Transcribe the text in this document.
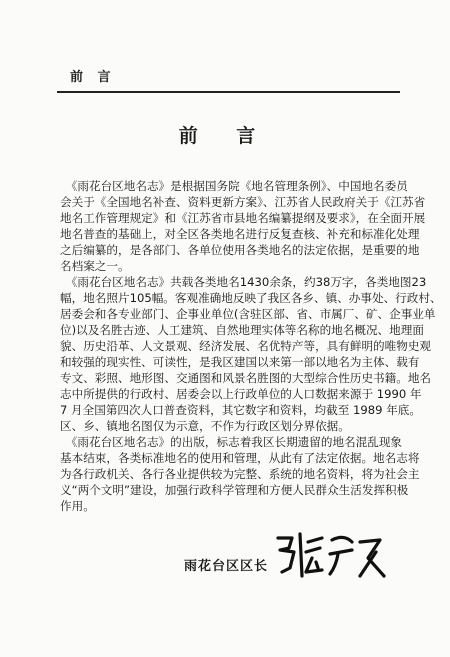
前 言
前 言
　《雨花台区地名志》是根据国务院《地名管理条例》、中国地名委员
会关于《全国地名补查、资料更新方案》、江苏省人民政府关于《江苏省
地名工作管理规定》和《江苏省市县地名编纂提纲及要求》，在全面开展
地名普查的基础上，对全区各类地名进行反复查核、补充和标准化处理
之后编纂的，是各部门、各单位使用各类地名的法定依据，是重要的地
名档案之一。
　《雨花台区地名志》共载各类地名1430余条，约38万字，各类地图23
幅，地名照片105幅。客观准确地反映了我区各乡、镇、办事处、行政村、
居委会和各专业部门、企事业单位(含驻区部、省、市属厂、矿、企事业单
位)以及名胜古迹、人工建筑、自然地理实体等名称的地名概况、地理面
貌、历史沿革、人文景观、经济发展、名优特产等，具有鲜明的唯物史观
和较强的现实性、可读性，是我区建国以来第一部以地名为主体、载有
专文、彩照、地形图、交通图和风景名胜图的大型综合性历史书籍。地名
志中所提供的行政村、居委会以上行政单位的人口数据来源于 1990 年
7 月全国第四次人口普查资料，其它数字和资料，均截至 1989 年底。
区、乡、镇地名图仅为示意，不作为行政区划分界依据。
　《雨花台区地名志》的出版，标志着我区长期遗留的地名混乱现象
基本结束，各类标准地名的使用和管理，从此有了法定依据。地名志将
为各行政机关、各行各业提供较为完整、系统的地名资料，将为社会主
义“两个文明”建设，加强行政科学管理和方便人民群众生活发挥积极
作用。
雨花台区区长
